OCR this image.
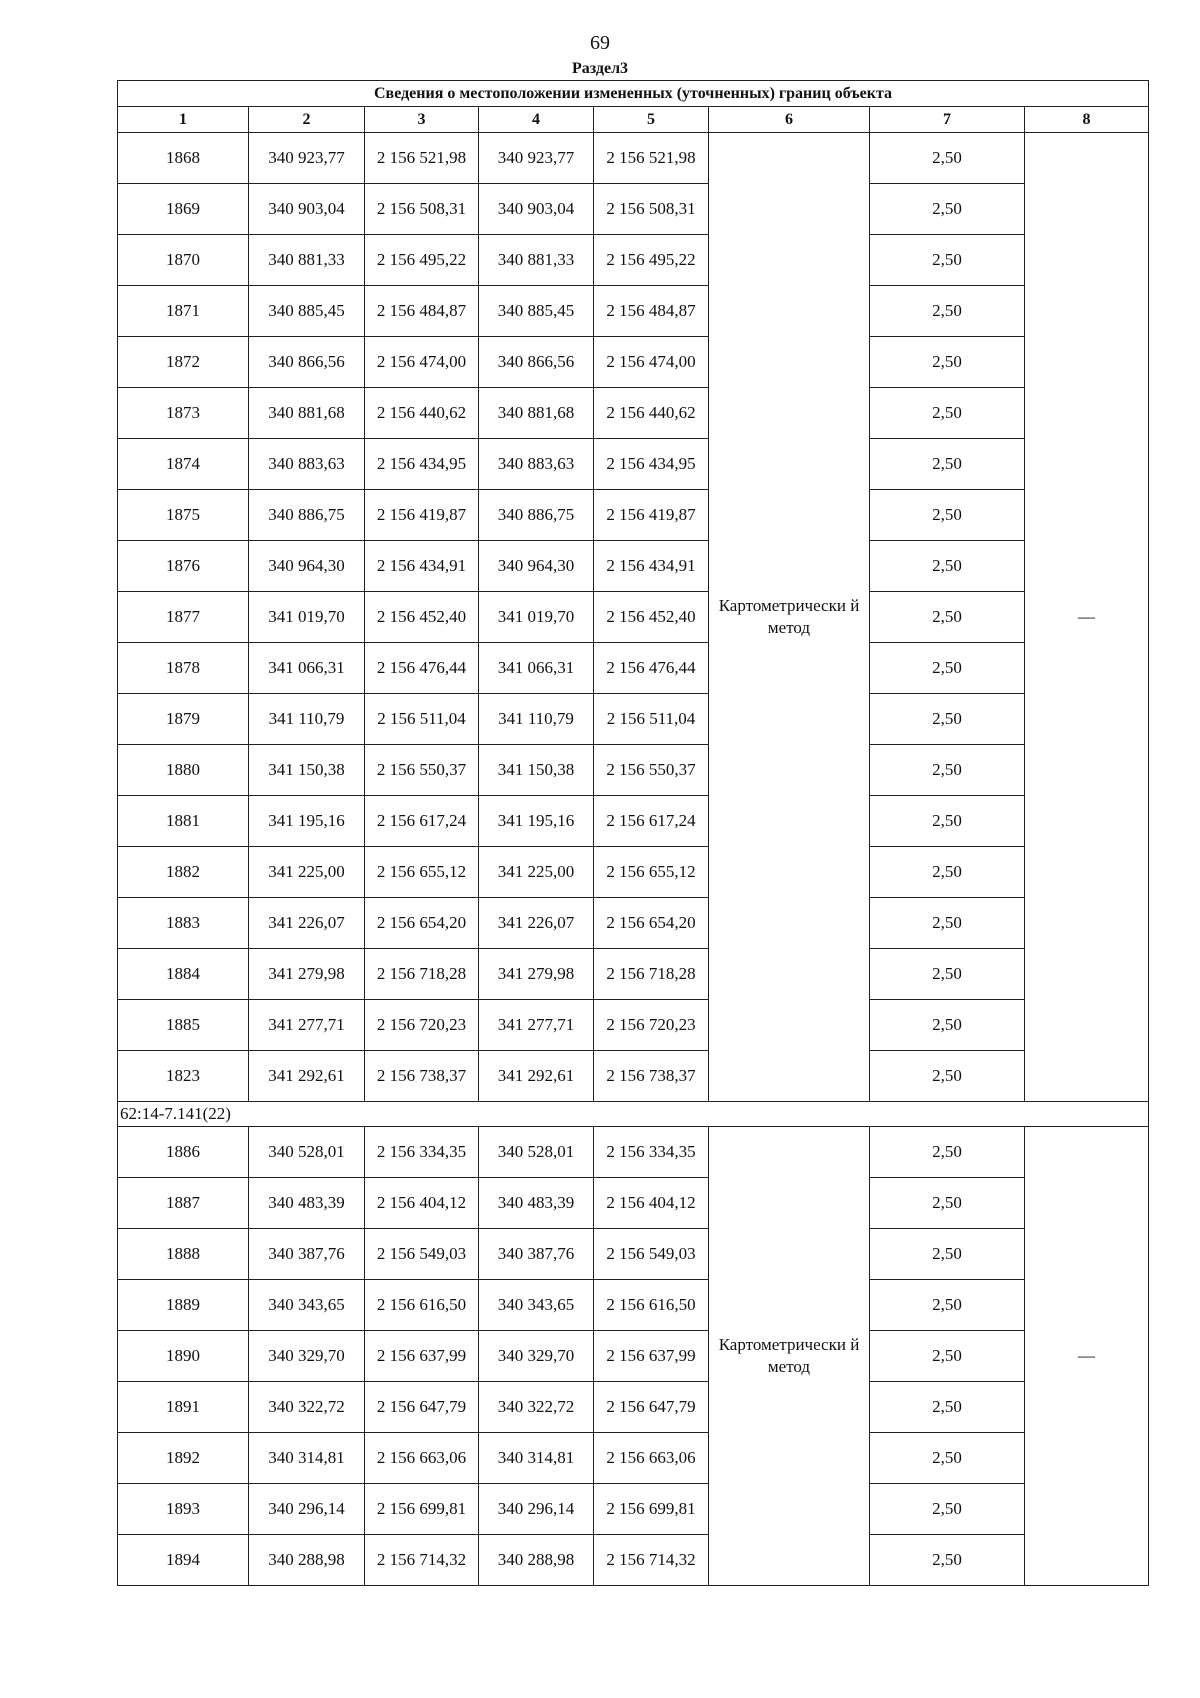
69
Раздел3
Сведения о местоположении измененных (уточненных) границ объекта							
1	2	3	4	5	6	7	8
1868	340 923,77	2 156 521,98	340 923,77	2 156 521,98	Картометрически й метод	2,50	—
1869	340 903,04	2 156 508,31	340 903,04	2 156 508,31		2,50	
1870	340 881,33	2 156 495,22	340 881,33	2 156 495,22		2,50	
1871	340 885,45	2 156 484,87	340 885,45	2 156 484,87		2,50	
1872	340 866,56	2 156 474,00	340 866,56	2 156 474,00		2,50	
1873	340 881,68	2 156 440,62	340 881,68	2 156 440,62		2,50	
1874	340 883,63	2 156 434,95	340 883,63	2 156 434,95		2,50	
1875	340 886,75	2 156 419,87	340 886,75	2 156 419,87		2,50	
1876	340 964,30	2 156 434,91	340 964,30	2 156 434,91		2,50	
1877	341 019,70	2 156 452,40	341 019,70	2 156 452,40		2,50	
1878	341 066,31	2 156 476,44	341 066,31	2 156 476,44		2,50	
1879	341 110,79	2 156 511,04	341 110,79	2 156 511,04		2,50	
1880	341 150,38	2 156 550,37	341 150,38	2 156 550,37		2,50	
1881	341 195,16	2 156 617,24	341 195,16	2 156 617,24		2,50	
1882	341 225,00	2 156 655,12	341 225,00	2 156 655,12		2,50	
1883	341 226,07	2 156 654,20	341 226,07	2 156 654,20		2,50	
1884	341 279,98	2 156 718,28	341 279,98	2 156 718,28		2,50	
1885	341 277,71	2 156 720,23	341 277,71	2 156 720,23		2,50	
1823	341 292,61	2 156 738,37	341 292,61	2 156 738,37		2,50	
62:14-7.141(22)							
1886	340 528,01	2 156 334,35	340 528,01	2 156 334,35	Картометрически й метод	2,50	—
1887	340 483,39	2 156 404,12	340 483,39	2 156 404,12		2,50	
1888	340 387,76	2 156 549,03	340 387,76	2 156 549,03		2,50	
1889	340 343,65	2 156 616,50	340 343,65	2 156 616,50		2,50	
1890	340 329,70	2 156 637,99	340 329,70	2 156 637,99		2,50	
1891	340 322,72	2 156 647,79	340 322,72	2 156 647,79		2,50	
1892	340 314,81	2 156 663,06	340 314,81	2 156 663,06		2,50	
1893	340 296,14	2 156 699,81	340 296,14	2 156 699,81		2,50	
1894	340 288,98	2 156 714,32	340 288,98	2 156 714,32		2,50	
